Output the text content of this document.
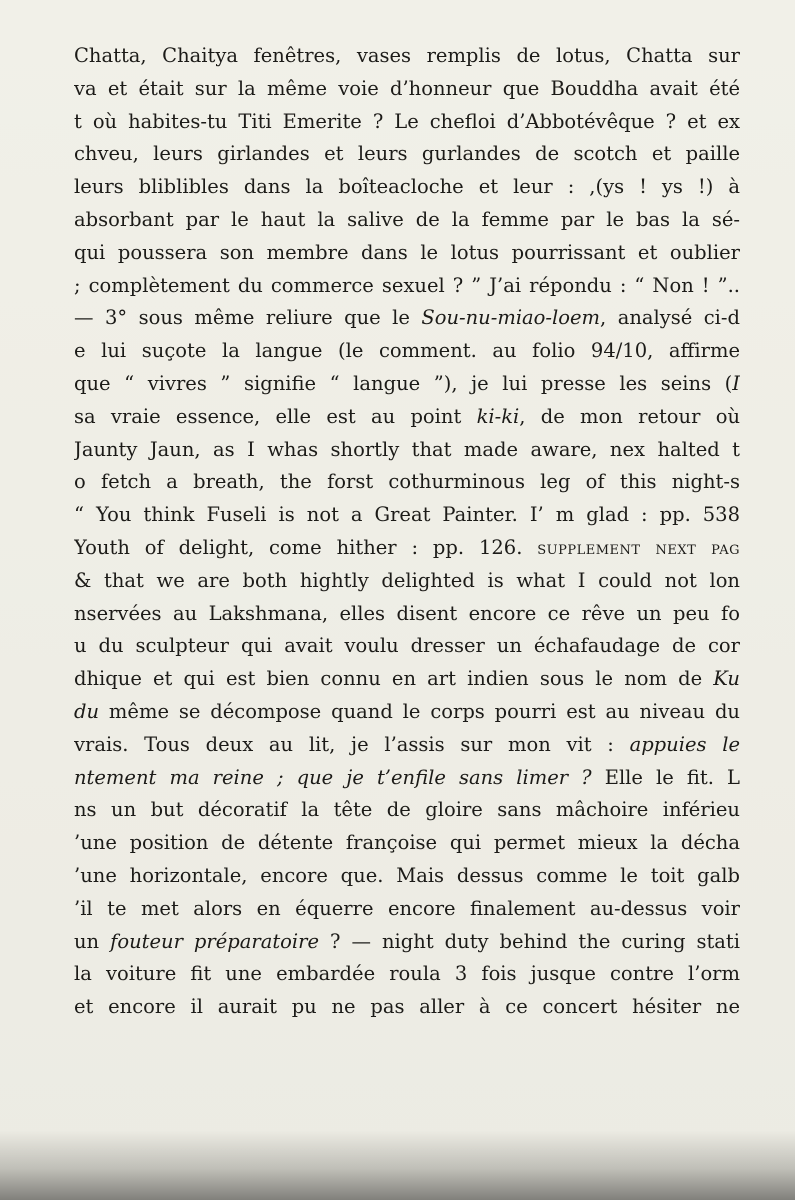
Chatta, Chaitya fenêtres, vases remplis de lotus, Chatta sur
va et était sur la même voie d’honneur que Bouddha avait été
t où habites-tu Titi Emerite ? Le chefloi d’Abbotévêque ? et ex
chveu, leurs girlandes et leurs gurlandes de scotch et paille
leurs bliblibles dans la boîteacloche et leur : ,(ys ! ys !) à
absorbant par le haut la salive de la femme par le bas la sé-
qui poussera son membre dans le lotus pourrissant et oublier
; complètement du commerce sexuel ? ” J’ai répondu : “ Non ! ”..
— 3° sous même reliure que le Sou-nu-miao-loem, analysé ci-d
e lui suçote la langue (le comment. au folio 94/10, affirme
que “ vivres ” signifie “ langue ”), je lui presse les seins (I
sa vraie essence, elle est au point ki-ki, de mon retour où
Jaunty Jaun, as I whas shortly that made aware, nex halted t
o fetch a breath, the forst cothurminous leg of this night-s
“ You think Fuseli is not a Great Painter. I’ m glad : pp. 538
Youth of delight, come hither : pp. 126. supplement next pag
& that we are both hightly delighted is what I could not lon
nservées au Lakshmana, elles disent encore ce rêve un peu fo
u du sculpteur qui avait voulu dresser un échafaudage de cor
dhique et qui est bien connu en art indien sous le nom de Ku
du même se décompose quand le corps pourri est au niveau du
vrais. Tous deux au lit, je l’assis sur mon vit : appuies le
ntement ma reine ; que je t’enfile sans limer ? Elle le fit. L
ns un but décoratif la tête de gloire sans mâchoire inférieu
’une position de détente françoise qui permet mieux la décha
’une horizontale, encore que. Mais dessus comme le toit galb
’il te met alors en équerre encore finalement au-dessus voir
un fouteur préparatoire ? — night duty behind the curing stati
la voiture fit une embardée roula 3 fois jusque contre l’orm
et encore il aurait pu ne pas aller à ce concert hésiter ne
